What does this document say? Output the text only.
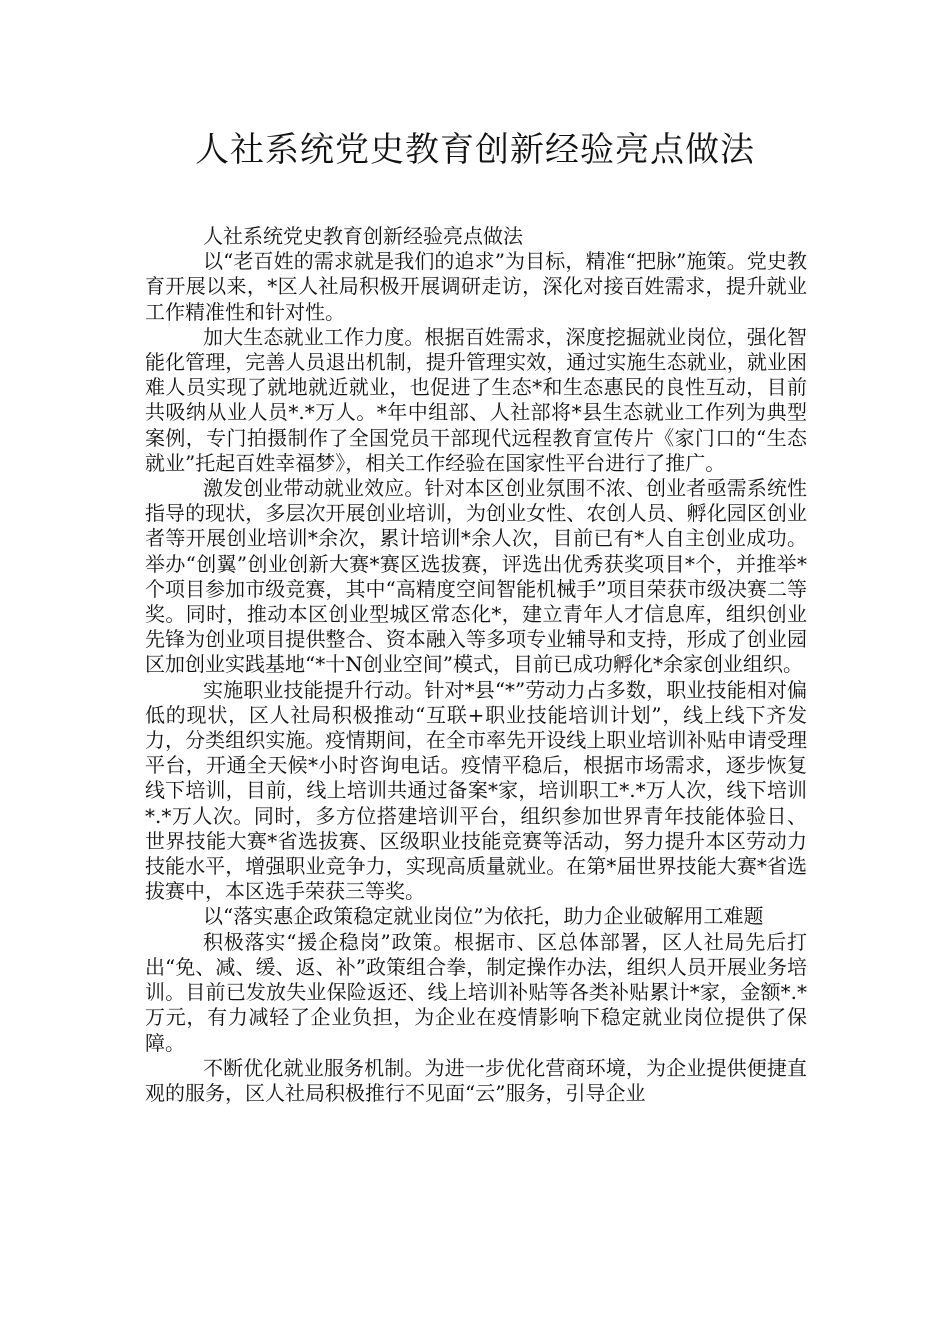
人社系统党史教育创新经验亮点做法

人社系统党史教育创新经验亮点做法

以“老百姓的需求就是我们的追求”为目标，精准“把脉”施策。党史教育开展以来，*区人社局积极开展调研走访，深化对接百姓需求，提升就业工作精准性和针对性。

加大生态就业工作力度。根据百姓需求，深度挖掘就业岗位，强化智能化管理，完善人员退出机制，提升管理实效，通过实施生态就业，就业困难人员实现了就地就近就业，也促进了生态*和生态惠民的良性互动，目前共吸纳从业人员*.*万人。*年中组部、人社部将*县生态就业工作列为典型案例，专门拍摄制作了全国党员干部现代远程教育宣传片《家门口的“生态就业”托起百姓幸福梦》，相关工作经验在国家性平台进行了推广。

激发创业带动就业效应。针对本区创业氛围不浓、创业者亟需系统性指导的现状，多层次开展创业培训，为创业女性、农创人员、孵化园区创业者等开展创业培训*余次，累计培训*余人次，目前已有*人自主创业成功。举办“创翼”创业创新大赛*赛区选拔赛，评选出优秀获奖项目*个，并推举*个项目参加市级竞赛，其中“高精度空间智能机械手”项目荣获市级决赛二等奖。同时，推动本区创业型城区常态化*，建立青年人才信息库，组织创业先锋为创业项目提供整合、资本融入等多项专业辅导和支持，形成了创业园区加创业实践基地“*十N创业空间”模式，目前已成功孵化*余家创业组织。

实施职业技能提升行动。针对*县“*”劳动力占多数，职业技能相对偏低的现状，区人社局积极推动“互联+职业技能培训计划”，线上线下齐发力，分类组织实施。疫情期间，在全市率先开设线上职业培训补贴申请受理平台，开通全天候*小时咨询电话。疫情平稳后，根据市场需求，逐步恢复线下培训，目前，线上培训共通过备案*家，培训职工*.*万人次，线下培训*.*万人次。同时，多方位搭建培训平台，组织参加世界青年技能体验日、世界技能大赛*省选拔赛、区级职业技能竞赛等活动，努力提升本区劳动力技能水平，增强职业竞争力，实现高质量就业。在第*届世界技能大赛*省选拔赛中，本区选手荣获三等奖。

以“落实惠企政策稳定就业岗位”为依托，助力企业破解用工难题

积极落实“援企稳岗”政策。根据市、区总体部署，区人社局先后打出“免、减、缓、返、补”政策组合拳，制定操作办法，组织人员开展业务培训。目前已发放失业保险返还、线上培训补贴等各类补贴累计*家，金额*.*万元，有力减轻了企业负担，为企业在疫情影响下稳定就业岗位提供了保障。

不断优化就业服务机制。为进一步优化营商环境，为企业提供便捷直观的服务，区人社局积极推行不见面“云”服务，引导企业
